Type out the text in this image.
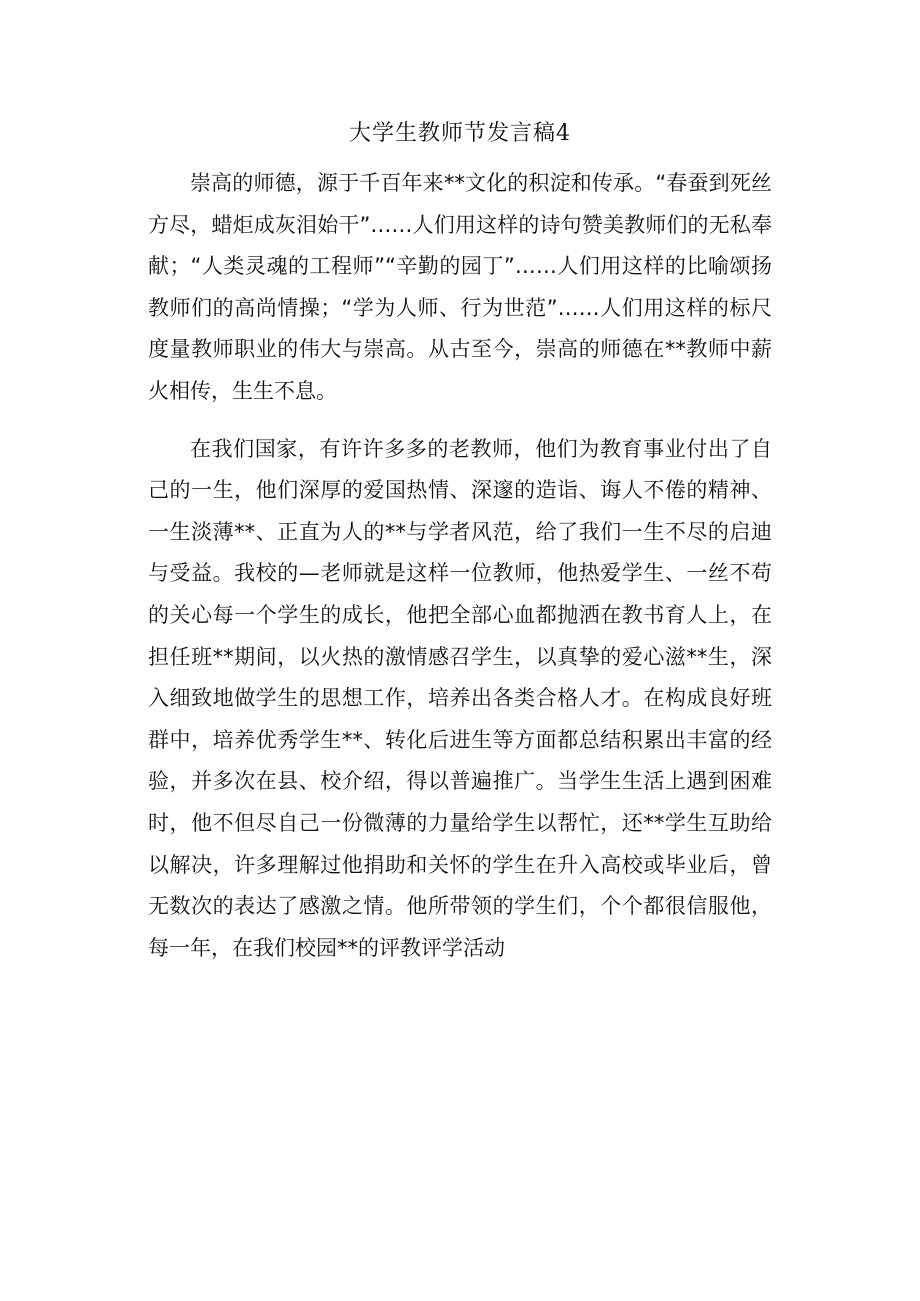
大学生教师节发言稿4

崇高的师德，源于千百年来**文化的积淀和传承。“春蚕到死丝方尽，蜡炬成灰泪始干”……人们用这样的诗句赞美教师们的无私奉献；“人类灵魂的工程师”“辛勤的园丁”……人们用这样的比喻颂扬教师们的高尚情操；“学为人师、行为世范”……人们用这样的标尺度量教师职业的伟大与崇高。从古至今，崇高的师德在**教师中薪火相传，生生不息。

在我们国家，有许许多多的老教师，他们为教育事业付出了自己的一生，他们深厚的爱国热情、深邃的造诣、诲人不倦的精神、一生淡薄**、正直为人的**与学者风范，给了我们一生不尽的启迪与受益。我校的—老师就是这样一位教师，他热爱学生、一丝不苟的关心每一个学生的成长，他把全部心血都抛洒在教书育人上，在担任班**期间，以火热的激情感召学生，以真挚的爱心滋**生，深入细致地做学生的思想工作，培养出各类合格人才。在构成良好班群中，培养优秀学生**、转化后进生等方面都总结积累出丰富的经验，并多次在县、校介绍，得以普遍推广。当学生生活上遇到困难时，他不但尽自己一份微薄的力量给学生以帮忙，还**学生互助给以解决，许多理解过他捐助和关怀的学生在升入高校或毕业后，曾无数次的表达了感激之情。他所带领的学生们，个个都很信服他，每一年，在我们校园**的评教评学活动
